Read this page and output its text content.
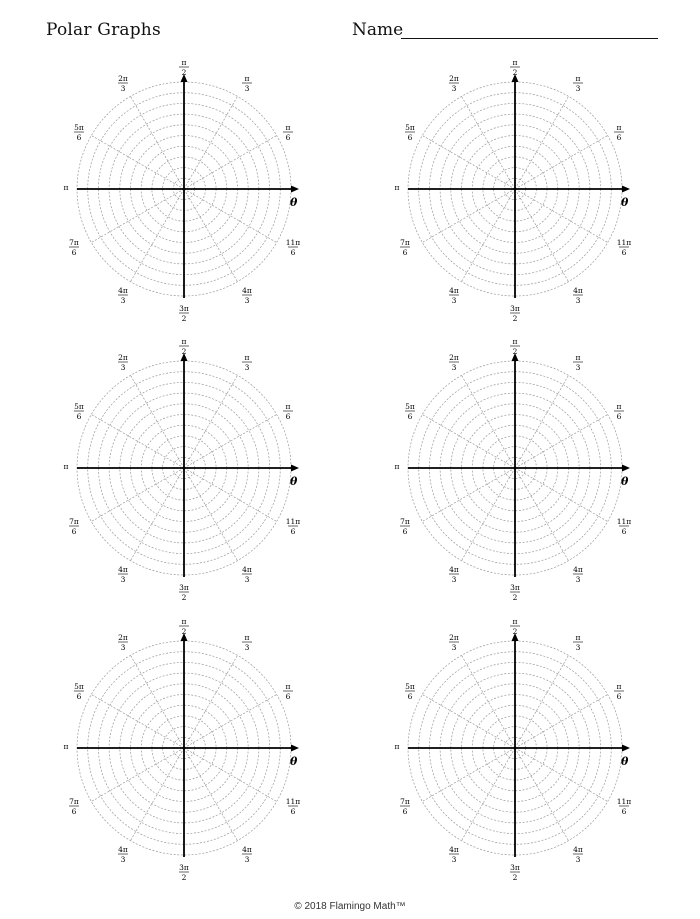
Polar Graphs	Name
θ
π
2
π
3
π
6
11π
6
4π
3
3π
2
4π
3
7π
6
π
5π
6
2π
3
θ
π
2
π
3
π
6
11π
6
4π
3
3π
2
4π
3
7π
6
π
5π
6
2π
3
θ
π
2
π
3
π
6
11π
6
4π
3
3π
2
4π
3
7π
6
π
5π
6
2π
3
θ
π
2
π
3
π
6
11π
6
4π
3
3π
2
4π
3
7π
6
π
5π
6
2π
3
θ
π
2
π
3
π
6
11π
6
4π
3
3π
2
4π
3
7π
6
π
5π
6
2π
3
θ
π
2
π
3
π
6
11π
6
4π
3
3π
2
4π
3
7π
6
π
5π
6
2π
3
© 2018 Flamingo Math™
